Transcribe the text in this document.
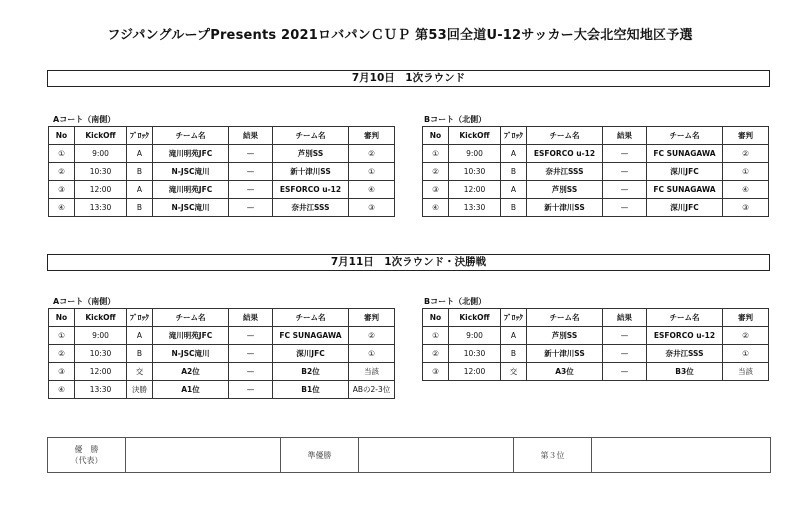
フジパングループPresents 2021ロバパンＣＵＰ 第53回全道U-12サッカー大会北空知地区予選
7月10日　1次ラウンド
Aコート（南側）	Bコート（北側）
No	KickOff	ﾌﾞﾛｯｸ	チーム名	結果	チーム名	審判
①	9:00	A	滝川明苑JFC	—	芦別SS	②
②	10:30	B	N-JSC滝川	—	新十津川SS	①
③	12:00	A	滝川明苑JFC	—	ESFORCO u-12	④
④	13:30	B	N-JSC滝川	—	奈井江SSS	③
No	KickOff	ﾌﾞﾛｯｸ	チーム名	結果	チーム名	審判
①	9:00	A	ESFORCO u-12	—	FC SUNAGAWA	②
②	10:30	B	奈井江SSS	—	深川JFC	①
③	12:00	A	芦別SS	—	FC SUNAGAWA	④
④	13:30	B	新十津川SS	—	深川JFC	③
7月11日　1次ラウンド・決勝戦
Aコート（南側）	Bコート（北側）
No	KickOff	ﾌﾞﾛｯｸ	チーム名	結果	チーム名	審判
①	9:00	A	滝川明苑JFC	—	FC SUNAGAWA	②
②	10:30	B	N-JSC滝川	—	深川JFC	①
③	12:00	交	A2位	—	B2位	当該
④	13:30	決勝	A1位	—	B1位	ABの2-3位
No	KickOff	ﾌﾞﾛｯｸ	チーム名	結果	チーム名	審判
①	9:00	A	芦別SS	—	ESFORCO u-12	②
②	10:30	B	新十津川SS	—	奈井江SSS	①
③	12:00	交	A3位	—	B3位	当該
優　勝
（代表）
		準優勝		第３位	
